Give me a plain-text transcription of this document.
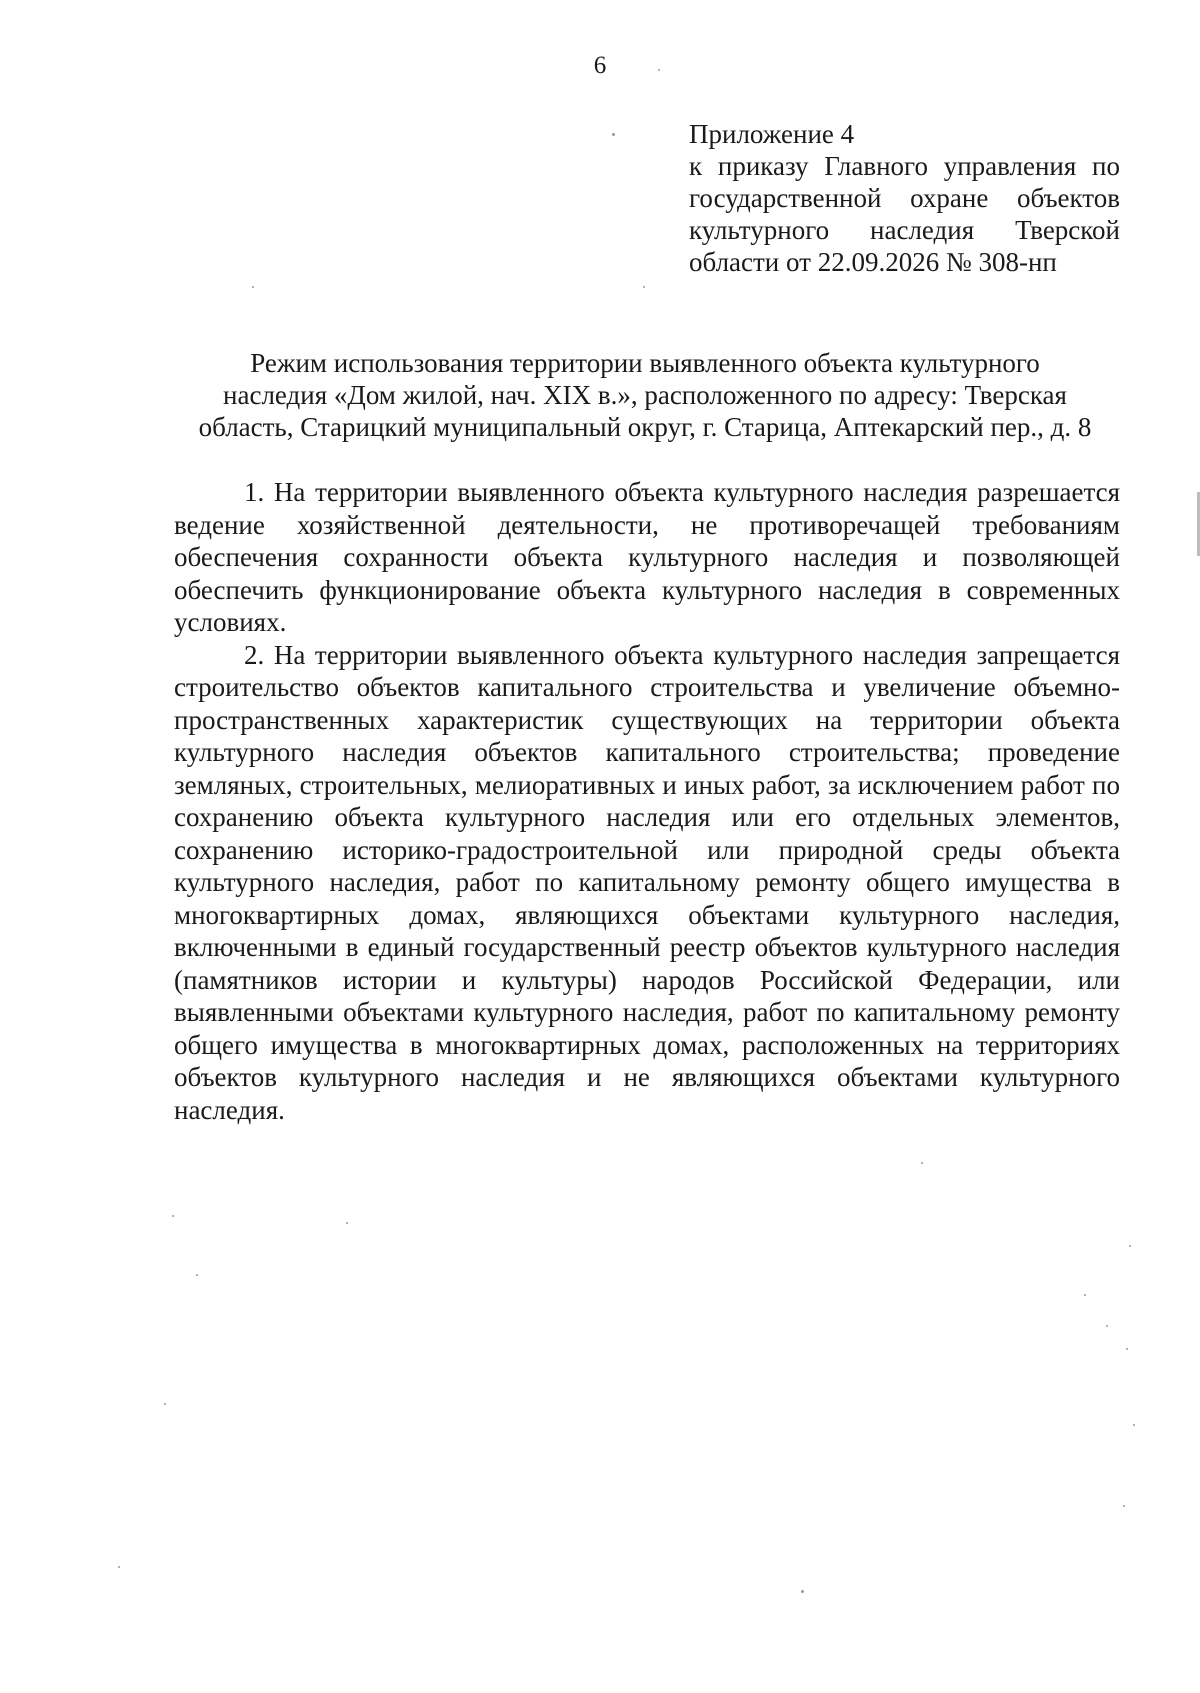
6
Приложение 4
к приказу Главного управления по
государственной охране объектов
культурного наследия Тверской
области от 22.09.2026 № 308-нп
Режим использования территории выявленного объекта культурного
наследия «Дом жилой, нач. XIX в.», расположенного по адресу: Тверская
область, Старицкий муниципальный округ, г. Старица, Аптекарский пер., д. 8

1. На территории выявленного объекта культурного наследия разрешается ведение хозяйственной деятельности, не противоречащей требованиям обеспечения сохранности объекта культурного наследия и позволяющей обеспечить функционирование объекта культурного наследия в современных условиях.

2. На территории выявленного объекта культурного наследия запрещается строительство объектов капитального строительства и увеличение объемно-пространственных характеристик существующих на территории объекта культурного наследия объектов капитального строительства; проведение земляных, строительных, мелиоративных и иных работ, за исключением работ по сохранению объекта культурного наследия или его отдельных элементов, сохранению историко-градостроительной или природной среды объекта культурного наследия, работ по капитальному ремонту общего имущества в многоквартирных домах, являющихся объектами культурного наследия, включенными в единый государственный реестр объектов культурного наследия (памятников истории и культуры) народов Российской Федерации, или выявленными объектами культурного наследия, работ по капитальному ремонту общего имущества в многоквартирных домах, расположенных на территориях объектов культурного наследия и не являющихся объектами культурного наследия.
